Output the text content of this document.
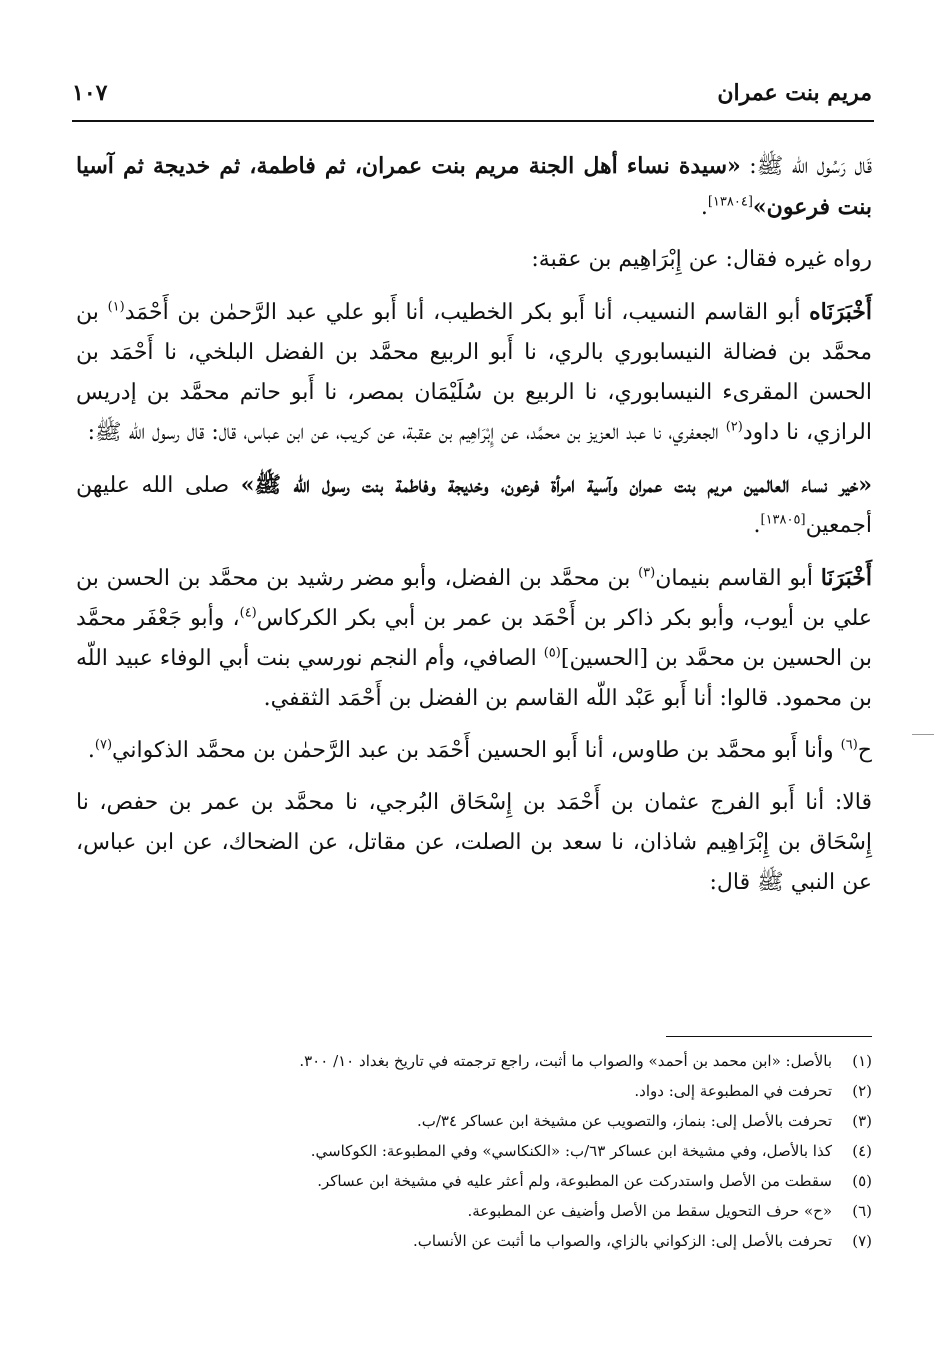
مريم بنت عمران
١٠٧

قَال رَسُول الله ﷺ: «سيدة نساء أهل الجنة مريم بنت عمران، ثم فاطمة، ثم خديجة ثم آسيا بنت فرعون»[١٣٨٠٤].

رواه غيره فقال: عن إِبْرَاهِيم بن عقبة:

أَخْبَرَنَاه أبو القاسم النسيب، أنا أَبو بكر الخطيب، أنا أَبو علي عبد الرَّحمٰن بن أَحْمَد$^{(١)}$ بن محمَّد بن فضالة النيسابوري بالري، نا أَبو الربيع محمَّد بن الفضل البلخي، نا أَحْمَد بن الحسن المقرىء النيسابوري، نا الربيع بن سُلَيْمَان بمصر، نا أَبو حاتم محمَّد بن إدريس الرازي، نا داود$^{(٢)}$ الجعفري، نا عبد العزيز بن محمَّد، عن إِبْرَاهِيم بن عقبة، عن كريب، عن ابن عباس، قال: قال رسول الله ﷺ:

«خير نساء العالمين مريم بنت عمران وآسية امرأة فرعون، وخديجة وفاطمة بنت رسول الله ﷺ» صلى الله عليهن أجمعين[١٣٨٠٥].

أَخْبَرَنَا أبو القاسم بنيمان$^{(٣)}$ بن محمَّد بن الفضل، وأبو مضر رشيد بن محمَّد بن الحسن بن علي بن أيوب، وأبو بكر ذاكر بن أَحْمَد بن عمر بن أبي بكر الكركاس$^{(٤)}$، وأبو جَعْفَر محمَّد بن الحسين بن محمَّد بن [الحسين]$^{(٥)}$ الصافي، وأم النجم نورسي بنت أبي الوفاء عبيد اللّه بن محمود. قالوا: أنا أَبو عَبْد اللّه القاسم بن الفضل بن أَحْمَد الثقفي.

ح$^{(٦)}$ وأنا أَبو محمَّد بن طاوس، أنا أَبو الحسين أَحْمَد بن عبد الرَّحمٰن بن محمَّد الذكواني$^{(٧)}$.

قالا: أنا أَبو الفرج عثمان بن أَحْمَد بن إِسْحَاق البُرجي، نا محمَّد بن عمر بن حفص، نا إِسْحَاق بن إِبْرَاهِيم شاذان، نا سعد بن الصلت، عن مقاتل، عن الضحاك، عن ابن عباس، عن النبي ﷺ قال:

(١)
بالأصل: «ابن محمد بن أحمد» والصواب ما أثبت، راجع ترجمته في تاريخ بغداد ١٠/ ٣٠٠.
(٢)
تحرفت في المطبوعة إلى: دواد.
(٣)
تحرفت بالأصل إلى: بنماز، والتصويب عن مشيخة ابن عساكر ٣٤/ب.
(٤)
كذا بالأصل، وفي مشيخة ابن عساكر ٦٣/ب: «الكنكاسي» وفي المطبوعة: الكوكاسي.
(٥)
سقطت من الأصل واستدركت عن المطبوعة، ولم أعثر عليه في مشيخة ابن عساكر.
(٦)
«ح» حرف التحويل سقط من الأصل وأضيف عن المطبوعة.
(٧)
تحرفت بالأصل إلى: الزكواني بالزاي، والصواب ما أثبت عن الأنساب.
